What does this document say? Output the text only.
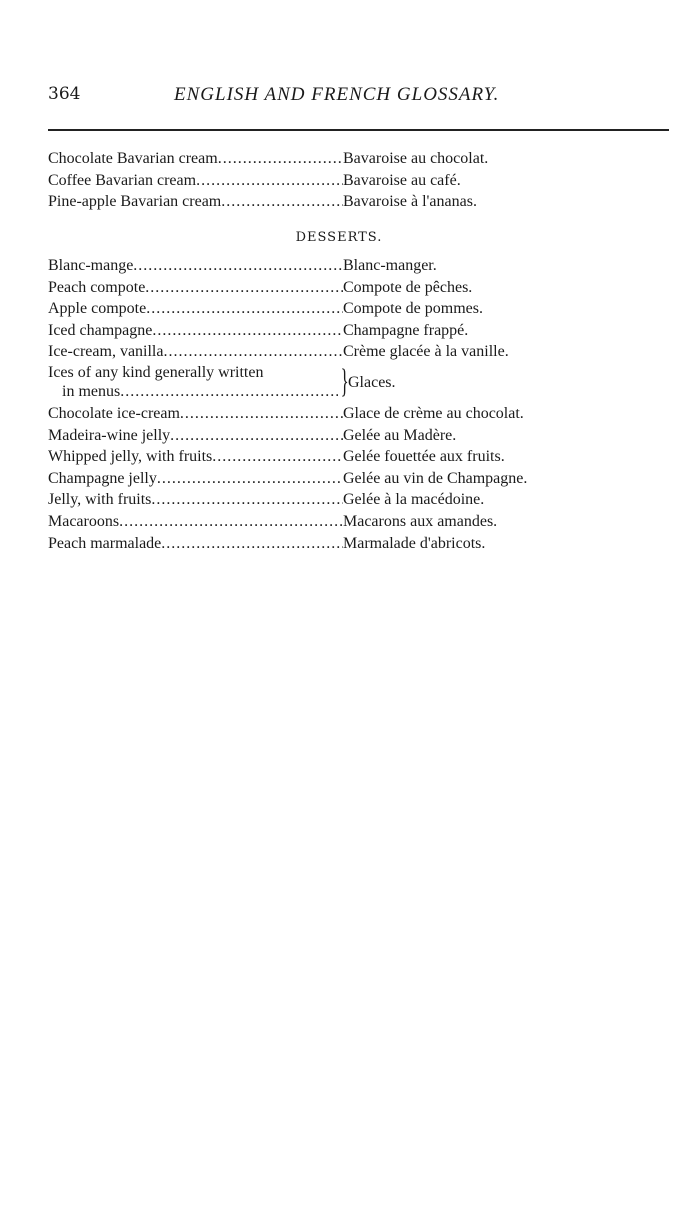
364	ENGLISH AND FRENCH GLOSSARY.
Chocolate Bavarian cream .....	Bavaroise au chocolat.
Coffee Bavarian cream .....	Bavaroise au café.
Pine-apple Bavarian cream .....	Bavaroise à l'ananas.
DESSERTS.
Blanc-mange .....	Blanc-manger.
Peach compote .....	Compote de pêches.
Apple compote .....	Compote de pommes.
Iced champagne .....	Champagne frappé.
Ice-cream, vanilla .....	Crème glacée à la vanille.
Ices of any kind generally written
in menus .....	} Glaces.
Chocolate ice-cream .....	Glace de crème au chocolat.
Madeira-wine jelly .....	Gelée au Madère.
Whipped jelly, with fruits .....	Gelée fouettée aux fruits.
Champagne jelly .....	Gelée au vin de Champagne.
Jelly, with fruits .....	Gelée à la macédoine.
Macaroons .....	Macarons aux amandes.
Peach marmalade .....	Marmalade d'abricots.
